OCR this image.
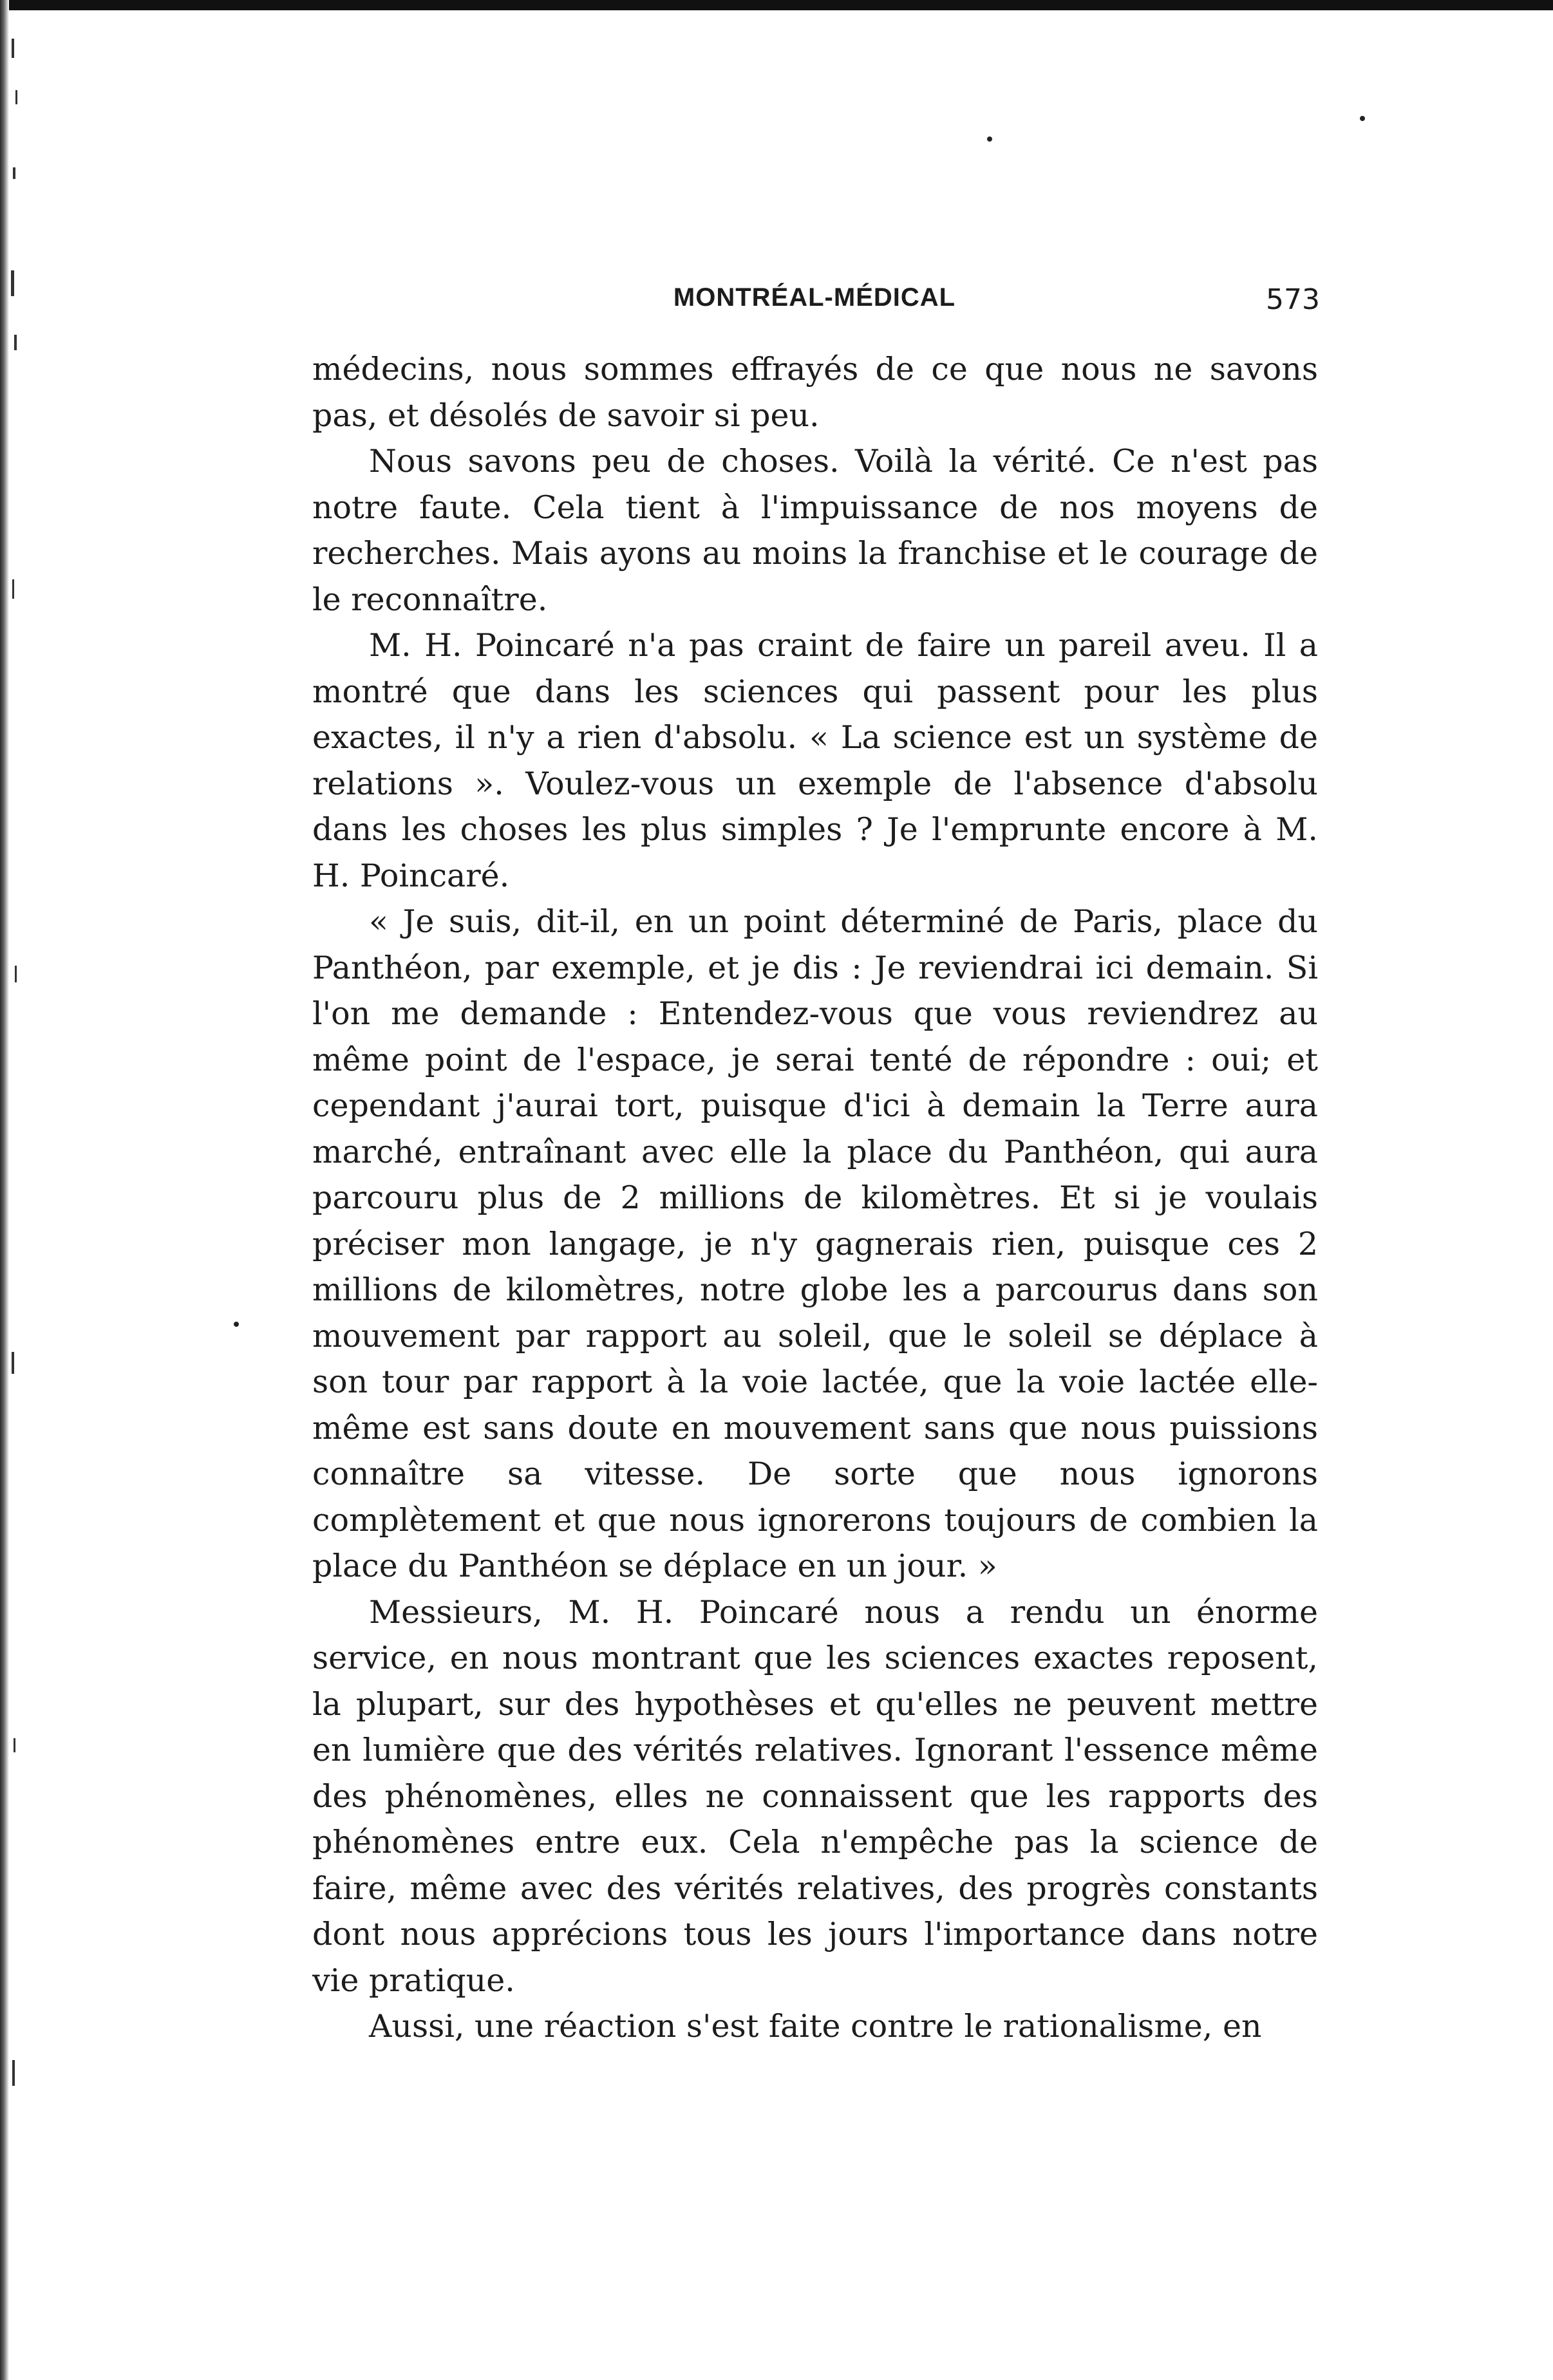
MONTRÉAL-MÉDICAL	573

médecins, nous sommes effrayés de ce que nous ne savons pas, et désolés de savoir si peu.

Nous savons peu de choses. Voilà la vérité. Ce n'est pas notre faute. Cela tient à l'impuissance de nos moyens de recherches. Mais ayons au moins la franchise et le courage de le reconnaître.

M. H. Poincaré n'a pas craint de faire un pareil aveu. Il a montré que dans les sciences qui passent pour les plus exactes, il n'y a rien d'absolu. « La science est un système de relations ». Voulez-vous un exemple de l'absence d'absolu dans les choses les plus simples ? Je l'emprunte encore à M. H. Poincaré.

« Je suis, dit-il, en un point déterminé de Paris, place du Panthéon, par exemple, et je dis : Je reviendrai ici demain. Si l'on me demande : Entendez-vous que vous reviendrez au même point de l'espace, je serai tenté de répondre : oui; et cependant j'aurai tort, puisque d'ici à demain la Terre aura marché, entraînant avec elle la place du Panthéon, qui aura parcouru plus de 2 millions de kilomètres. Et si je voulais préciser mon langage, je n'y gagnerais rien, puisque ces 2 millions de kilomètres, notre globe les a parcourus dans son mouvement par rapport au soleil, que le soleil se déplace à son tour par rapport à la voie lactée, que la voie lactée elle-même est sans doute en mouvement sans que nous puissions connaître sa vitesse. De sorte que nous ignorons complètement et que nous ignorerons toujours de combien la place du Panthéon se déplace en un jour. »

Messieurs, M. H. Poincaré nous a rendu un énorme service, en nous montrant que les sciences exactes reposent, la plupart, sur des hypothèses et qu'elles ne peuvent mettre en lumière que des vérités relatives. Ignorant l'essence même des phénomènes, elles ne connaissent que les rapports des phénomènes entre eux. Cela n'empêche pas la science de faire, même avec des vérités relatives, des progrès constants dont nous apprécions tous les jours l'importance dans notre vie pratique.

Aussi, une réaction s'est faite contre le rationalisme, en
